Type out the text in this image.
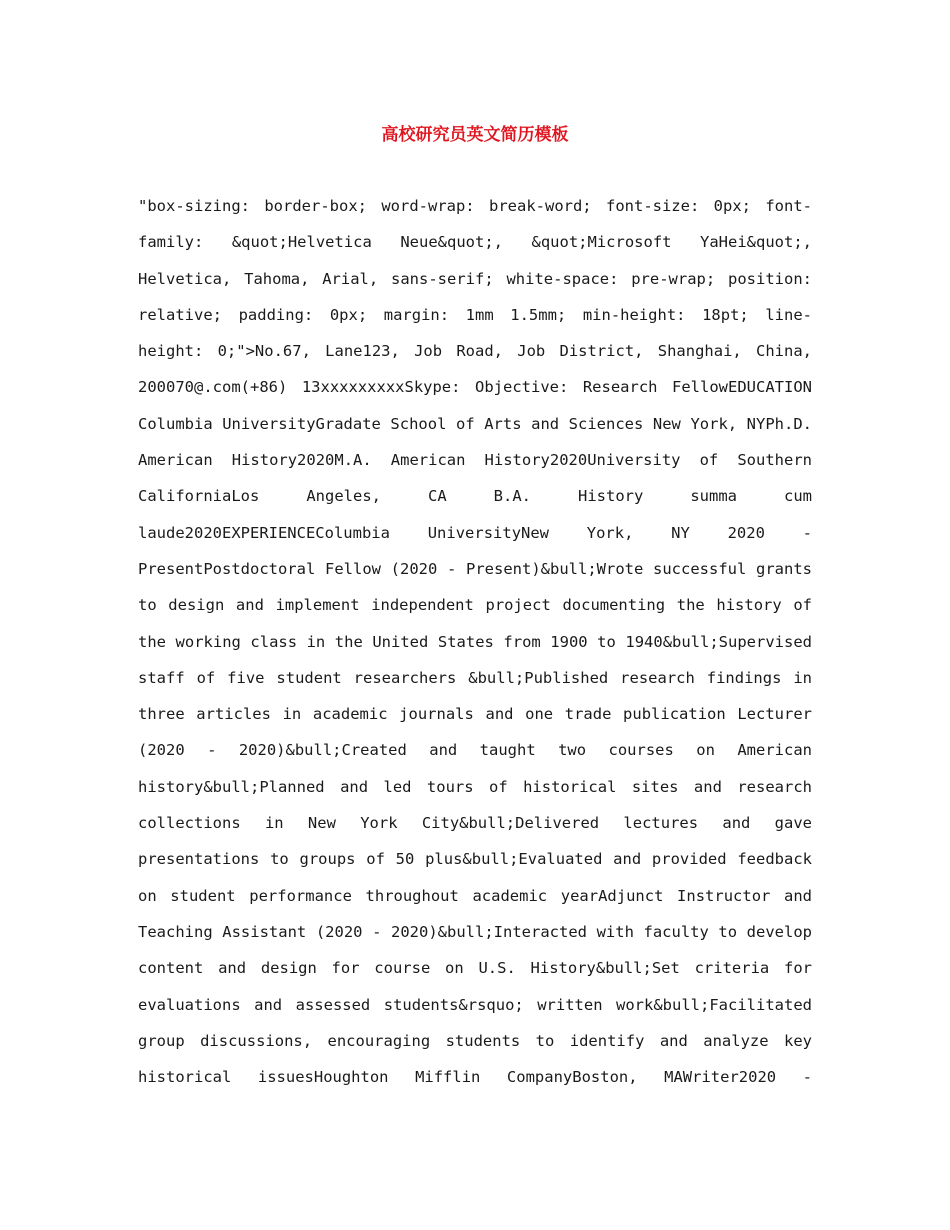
高校研究员英文简历模板
"box-sizing: border-box; word-wrap: break-word; font-size: 0px; font-
family: &quot;Helvetica Neue&quot;, &quot;Microsoft YaHei&quot;,
Helvetica, Tahoma, Arial, sans-serif; white-space: pre-wrap; position:
relative; padding: 0px; margin: 1mm 1.5mm; min-height: 18pt; line-
height: 0;">No.67, Lane123, Job Road, Job District, Shanghai, China,
200070@.com(+86) 13xxxxxxxxxSkype: Objective: Research FellowEDUCATION
Columbia UniversityGradate School of Arts and Sciences New York, NYPh.D.
American History2020M.A. American History2020University of Southern
CaliforniaLos Angeles, CA B.A. History summa cum
laude2020EXPERIENCEColumbia UniversityNew York, NY 2020 -
PresentPostdoctoral Fellow (2020 - Present)&bull;Wrote successful grants
to design and implement independent project documenting the history of
the working class in the United States from 1900 to 1940&bull;Supervised
staff of five student researchers &bull;Published research findings in
three articles in academic journals and one trade publication Lecturer
(2020 - 2020)&bull;Created and taught two courses on American
history&bull;Planned and led tours of historical sites and research
collections in New York City&bull;Delivered lectures and gave
presentations to groups of 50 plus&bull;Evaluated and provided feedback
on student performance throughout academic yearAdjunct Instructor and
Teaching Assistant (2020 - 2020)&bull;Interacted with faculty to develop
content and design for course on U.S. History&bull;Set criteria for
evaluations and assessed students&rsquo; written work&bull;Facilitated
group discussions, encouraging students to identify and analyze key
historical issuesHoughton Mifflin CompanyBoston, MAWriter2020 -
